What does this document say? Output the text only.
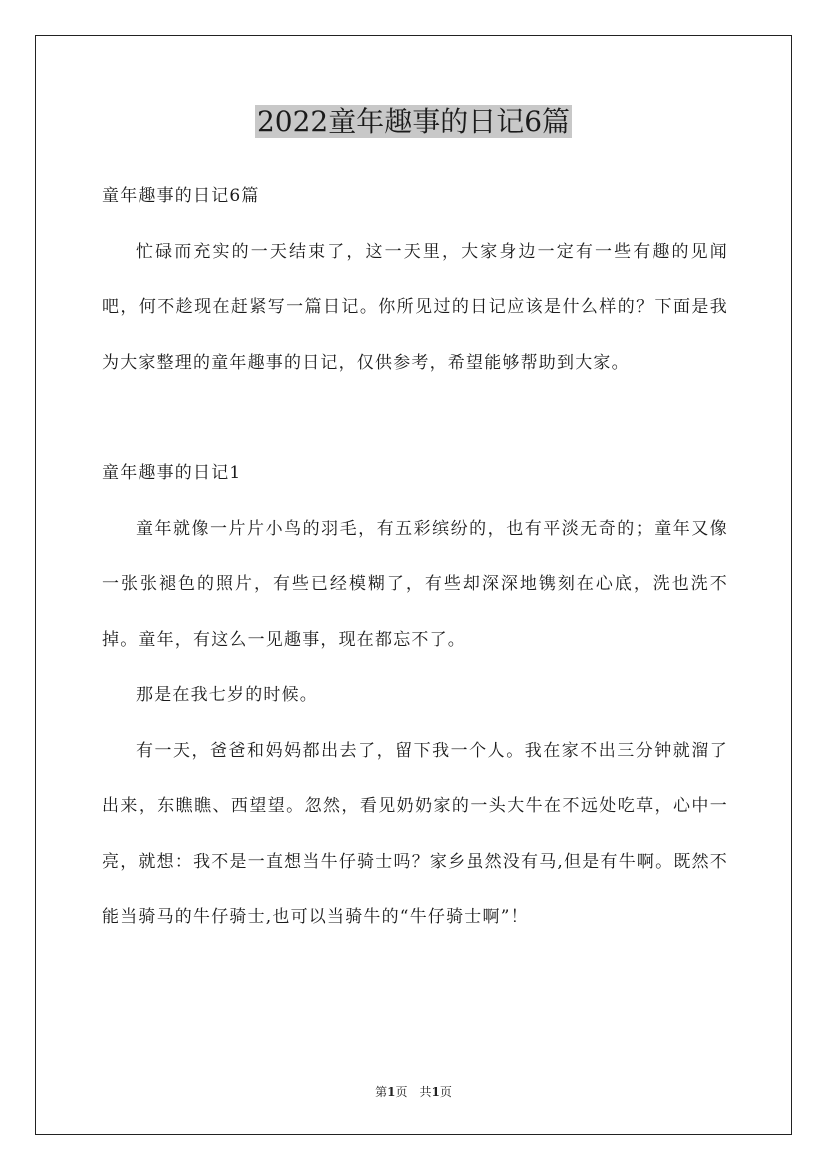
2022童年趣事的日记6篇

童年趣事的日记6篇

忙碌而充实的一天结束了，这一天里，大家身边一定有一些有趣的见闻吧，何不趁现在赶紧写一篇日记。你所见过的日记应该是什么样的？下面是我为大家整理的童年趣事的日记，仅供参考，希望能够帮助到大家。

童年趣事的日记1

童年就像一片片小鸟的羽毛，有五彩缤纷的，也有平淡无奇的；童年又像一张张褪色的照片，有些已经模糊了，有些却深深地镌刻在心底，洗也洗不掉。童年，有这么一见趣事，现在都忘不了。

那是在我七岁的时候。

有一天，爸爸和妈妈都出去了，留下我一个人。我在家不出三分钟就溜了出来，东瞧瞧、西望望。忽然，看见奶奶家的一头大牛在不远处吃草，心中一亮，就想：我不是一直想当牛仔骑士吗？家乡虽然没有马,但是有牛啊。既然不能当骑马的牛仔骑士,也可以当骑牛的“牛仔骑士啊”！

第1页　共1页
